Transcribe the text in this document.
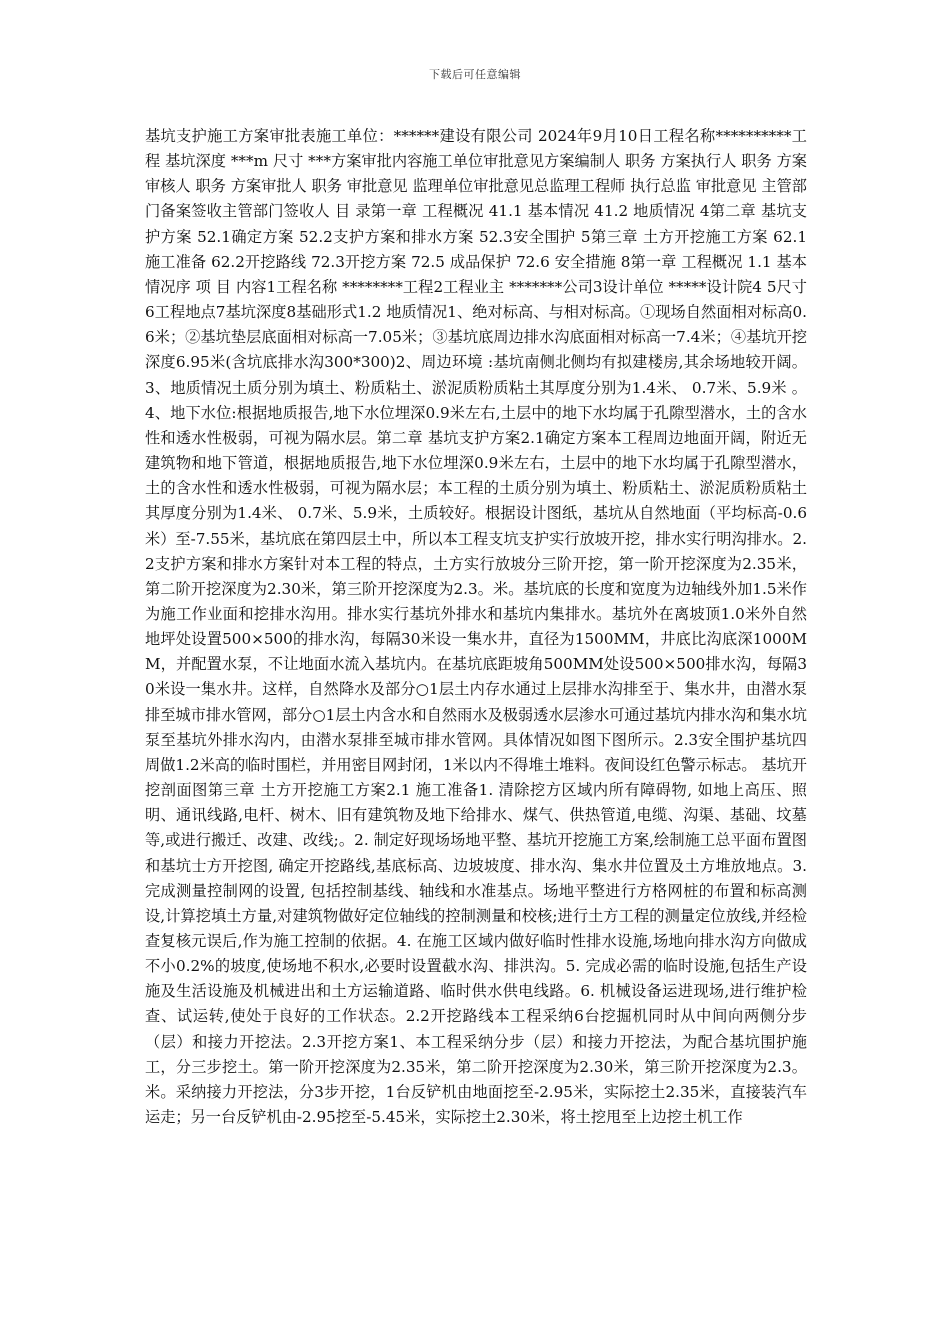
下载后可任意编辑

基坑支护施工方案审批表施工单位：******建设有限公司 2024年9月10日工程名称**********工程 基坑深度 ***m 尺寸 ***方案审批内容施工单位审批意见方案编制人 职务 方案执行人 职务 方案审核人 职务 方案审批人 职务 审批意见 监理单位审批意见总监理工程师 执行总监 审批意见 主管部门备案签收主管部门签收人 目 录第一章 工程概况 41.1 基本情况 41.2 地质情况 4第二章 基坑支护方案 52.1确定方案 52.2支护方案和排水方案 52.3安全围护 5第三章 土方开挖施工方案 62.1 施工准备 62.2开挖路线 72.3开挖方案 72.5 成品保护 72.6 安全措施 8第一章 工程概况 1.1 基本情况序 项 目 内容1工程名称 ********工程2工程业主 *******公司3设计单位 *****设计院4 5尺寸6工程地点7基坑深度8基础形式1.2 地质情况1、绝对标高、与相对标高。①现场自然面相对标高0.6米；②基坑垫层底面相对标高一7.05米；③基坑底周边排水沟底面相对标高一7.4米；④基坑开挖深度6.95米(含坑底排水沟300*300)2、周边环境 :基坑南侧北侧均有拟建楼房,其余场地较开阔。3、地质情况土质分别为填土、粉质粘土、淤泥质粉质粘土其厚度分别为1.4米、 0.7米、5.9米 。4、地下水位:根据地质报告,地下水位埋深0.9米左右,土层中的地下水均属于孔隙型潜水，土的含水性和透水性极弱，可视为隔水层。第二章 基坑支护方案2.1确定方案本工程周边地面开阔，附近无建筑物和地下管道，根据地质报告,地下水位埋深0.9米左右，土层中的地下水均属于孔隙型潜水，土的含水性和透水性极弱，可视为隔水层；本工程的土质分别为填土、粉质粘土、淤泥质粉质粘土其厚度分别为1.4米、 0.7米、5.9米，土质较好。根据设计图纸，基坑从自然地面（平均标高-0.6米）至-7.55米，基坑底在第四层土中，所以本工程支坑支护实行放坡开挖，排水实行明沟排水。2.2支护方案和排水方案针对本工程的特点，土方实行放坡分三阶开挖，第一阶开挖深度为2.35米，第二阶开挖深度为2.30米，第三阶开挖深度为2.3。米。基坑底的长度和宽度为边轴线外加1.5米作为施工作业面和挖排水沟用。排水实行基坑外排水和基坑内集排水。基坑外在离坡顶1.0米外自然地坪处设置500×500的排水沟，每隔30米设一集水井，直径为1500MM，井底比沟底深1000MM，并配置水泵，不让地面水流入基坑内。在基坑底距坡角500MM处设500×500排水沟，每隔30米设一集水井。这样，自然降水及部分○1层土内存水通过上层排水沟排至于、集水井，由潜水泵排至城市排水管网，部分○1层土内含水和自然雨水及极弱透水层渗水可通过基坑内排水沟和集水坑泵至基坑外排水沟内，由潜水泵排至城市排水管网。具体情况如图下图所示。2.3安全围护基坑四周做1.2米高的临时围栏，并用密目网封闭，1米以内不得堆土堆料。夜间设红色警示标志。 基坑开挖剖面图第三章 土方开挖施工方案2.1 施工准备1. 清除挖方区域内所有障碍物, 如地上高压、照明、通讯线路,电杆、树木、旧有建筑物及地下给排水、煤气、供热管道,电缆、沟渠、基础、坟墓等,或进行搬迁、改建、改线;。2. 制定好现场场地平整、基坑开挖施工方案,绘制施工总平面布置图和基坑士方开挖图, 确定开挖路线,基底标高、边坡坡度、排水沟、集水井位置及土方堆放地点。3. 完成测量控制网的设置, 包括控制基线、轴线和水准基点。场地平整进行方格网桩的布置和标高测设,计算挖填土方量,对建筑物做好定位轴线的控制测量和校核;进行土方工程的测量定位放线,并经检查复核元误后,作为施工控制的依据。4. 在施工区域内做好临时性排水设施,场地向排水沟方向做成不小0.2%的坡度,使场地不积水,必要时设置截水沟、排洪沟。5. 完成必需的临时设施,包括生产设施及生活设施及机械进出和土方运输道路、临时供水供电线路。6. 机械设备运进现场,进行维护检查、试运转,使处于良好的工作状态。2.2开挖路线本工程采纳6台挖掘机同时从中间向两侧分步（层）和接力开挖法。2.3开挖方案1、本工程采纳分步（层）和接力开挖法，为配合基坑围护施工，分三步挖土。第一阶开挖深度为2.35米，第二阶开挖深度为2.30米，第三阶开挖深度为2.3。米。采纳接力开挖法，分3步开挖，1台反铲机由地面挖至-2.95米，实际挖土2.35米，直接装汽车运走；另一台反铲机由-2.95挖至-5.45米，实际挖土2.30米，将土挖甩至上边挖土机工作
